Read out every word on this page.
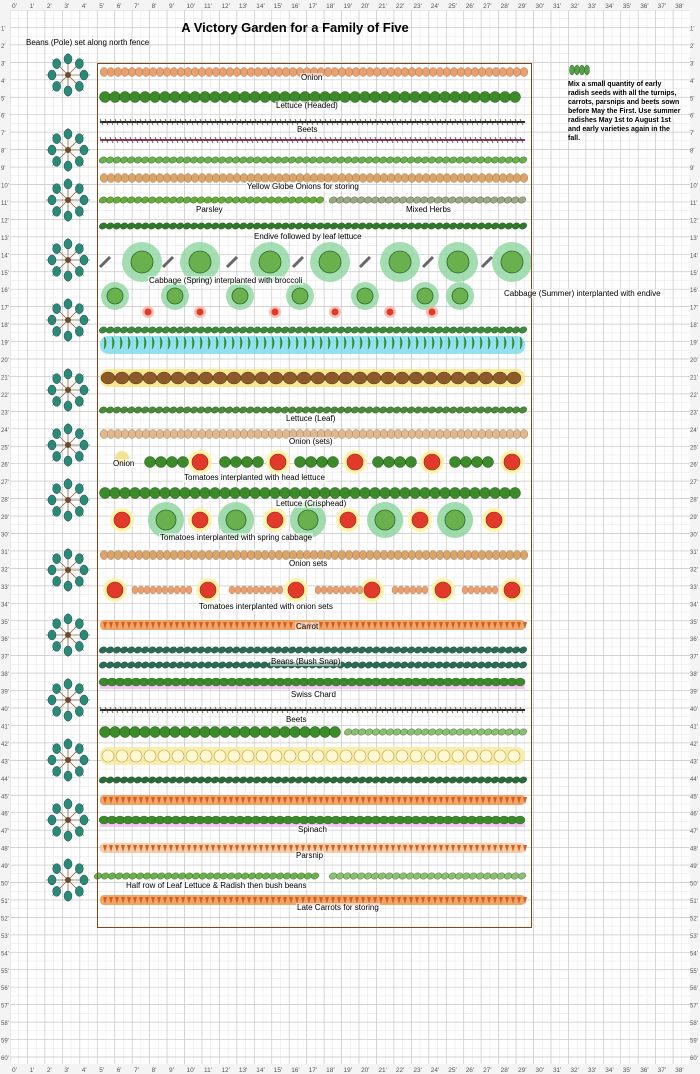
0'
0'
1'
1'
2'
2'
3'
3'
4'
4'
5'
5'
6'
6'
7'
7'
8'
8'
9'
9'
10'
10'
11'
11'
12'
12'
13'
13'
14'
14'
15'
15'
16'
16'
17'
17'
18'
18'
19'
19'
20'
20'
21'
21'
22'
22'
23'
23'
24'
24'
25'
25'
26'
26'
27'
27'
28'
28'
29'
29'
30'
30'
31'
31'
32'
32'
33'
33'
34'
34'
35'
35'
36'
36'
37'
37'
38'
38'
1'	1'
2'	2'
3'	3'
4'	4'
5'	5'
6'	6'
7'	7'
8'	8'
9'	9'
10'	10'
11'	11'
12'	12'
13'	13'
14'	14'
15'	15'
16'	16'
17'	17'
18'	18'
19'	19'
20'	20'
21'	21'
22'	22'
23'	23'
24'	24'
25'	25'
26'	26'
27'	27'
28'	28'
29'	29'
30'	30'
31'	31'
32'	32'
33'	33'
34'	34'
35'	35'
36'	36'
37'	37'
38'	38'
39'	39'
40'	40'
41'	41'
42'	42'
43'	43'
44'	44'
45'	45'
46'	46'
47'	47'
48'	48'
49'	49'
50'	50'
51'	51'
52'	52'
53'	53'
54'	54'
55'	55'
56'	56'
57'	57'
58'	58'
59'	59'
60'	60'
A Victory Garden for a Family of Five
Beans (Pole) set along north fence
Mix a small quantity of early radish seeds with all the turnips, carrots, parsnips and beets sown before May the First. Use summer radishes May 1st to August 1st and early varieties again in the fall.
Beets
Spinach
Parsnip
Half row of Leaf Lettuce & Radish then bush beans
Late Carrots for storing
Beans (Bush Snap)
Swiss Chard
Carrot
Tomatoes interplanted with onion sets
Onion sets
Tomatoes interplanted with spring cabbage
Lettuce (Crisphead)
Tomatoes interplanted with head lettuce
Onion
Onion (sets)
Lettuce (Leaf)
Cabbage (Summer) interplanted with endive
Cabbage (Spring) interplanted with broccoli
Endive followed by leaf lettuce
Mixed Herbs
Parsley
Yellow Globe Onions for storing
Beets
Lettuce (Headed)
Onion
